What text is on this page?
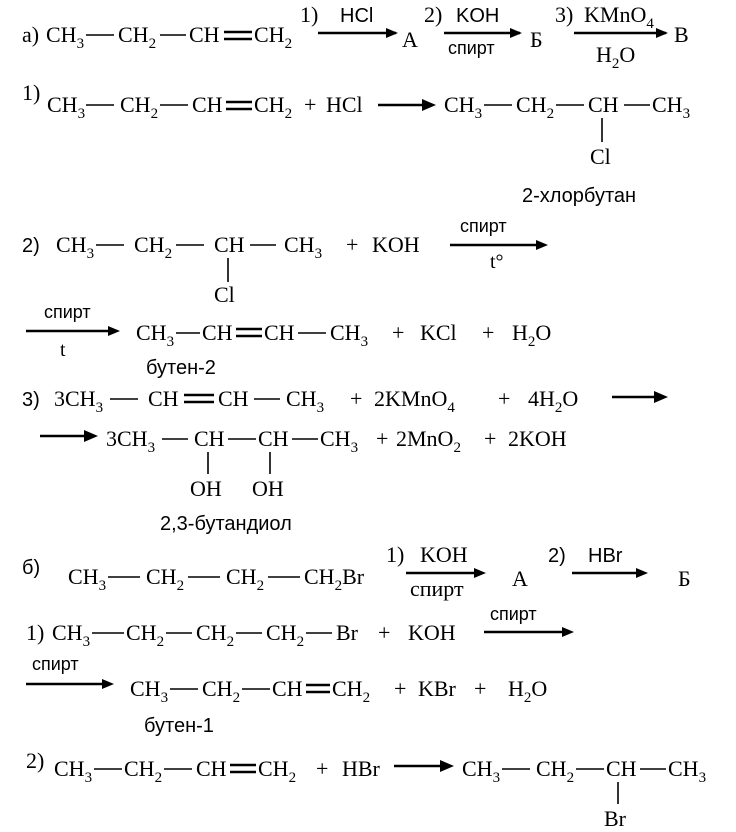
а) $CH_3$ $CH_2$ CH $CH_2$
1) HCl
A
2) KOH
спирт Б
3) KMnO$_4$
$H_2O$
В
1) $CH_3$ $CH_2$ CH $CH_2$ + HCl	$CH_3$ $CH_2$ CH $CH_3$
Cl
2-хлорбутан
2) $CH_3$ $CH_2$ CH $CH_3$
Cl
+ KOH
спирт
t°
спирт
t
$CH_3$ CH CH $CH_3$ + KCl + $H_2O$
бутен-2
3) $3CH_3$ CH CH $CH_3$ + 2KMnO$_4$ + $4H_2O$
$3CH_3$ CH CH $CH_3$
OH OH
+ 2MnO$_2$ + 2KOH
2,3-бутандиол
б) $CH_3$ $CH_2$ $CH_2$ $CH_2Br$
1) KOH
спирт A
2) HBr
Б
1) $CH_3$ $CH_2$ $CH_2$ $CH_2$ Br + KOH
спирт
спирт
$CH_3$ $CH_2$ CH $CH_2$ + KBr + $H_2O$
бутен-1
2) $CH_3$ $CH_2$ CH $CH_2$ + HBr	$CH_3$ $CH_2$ CH $CH_3$
Br
